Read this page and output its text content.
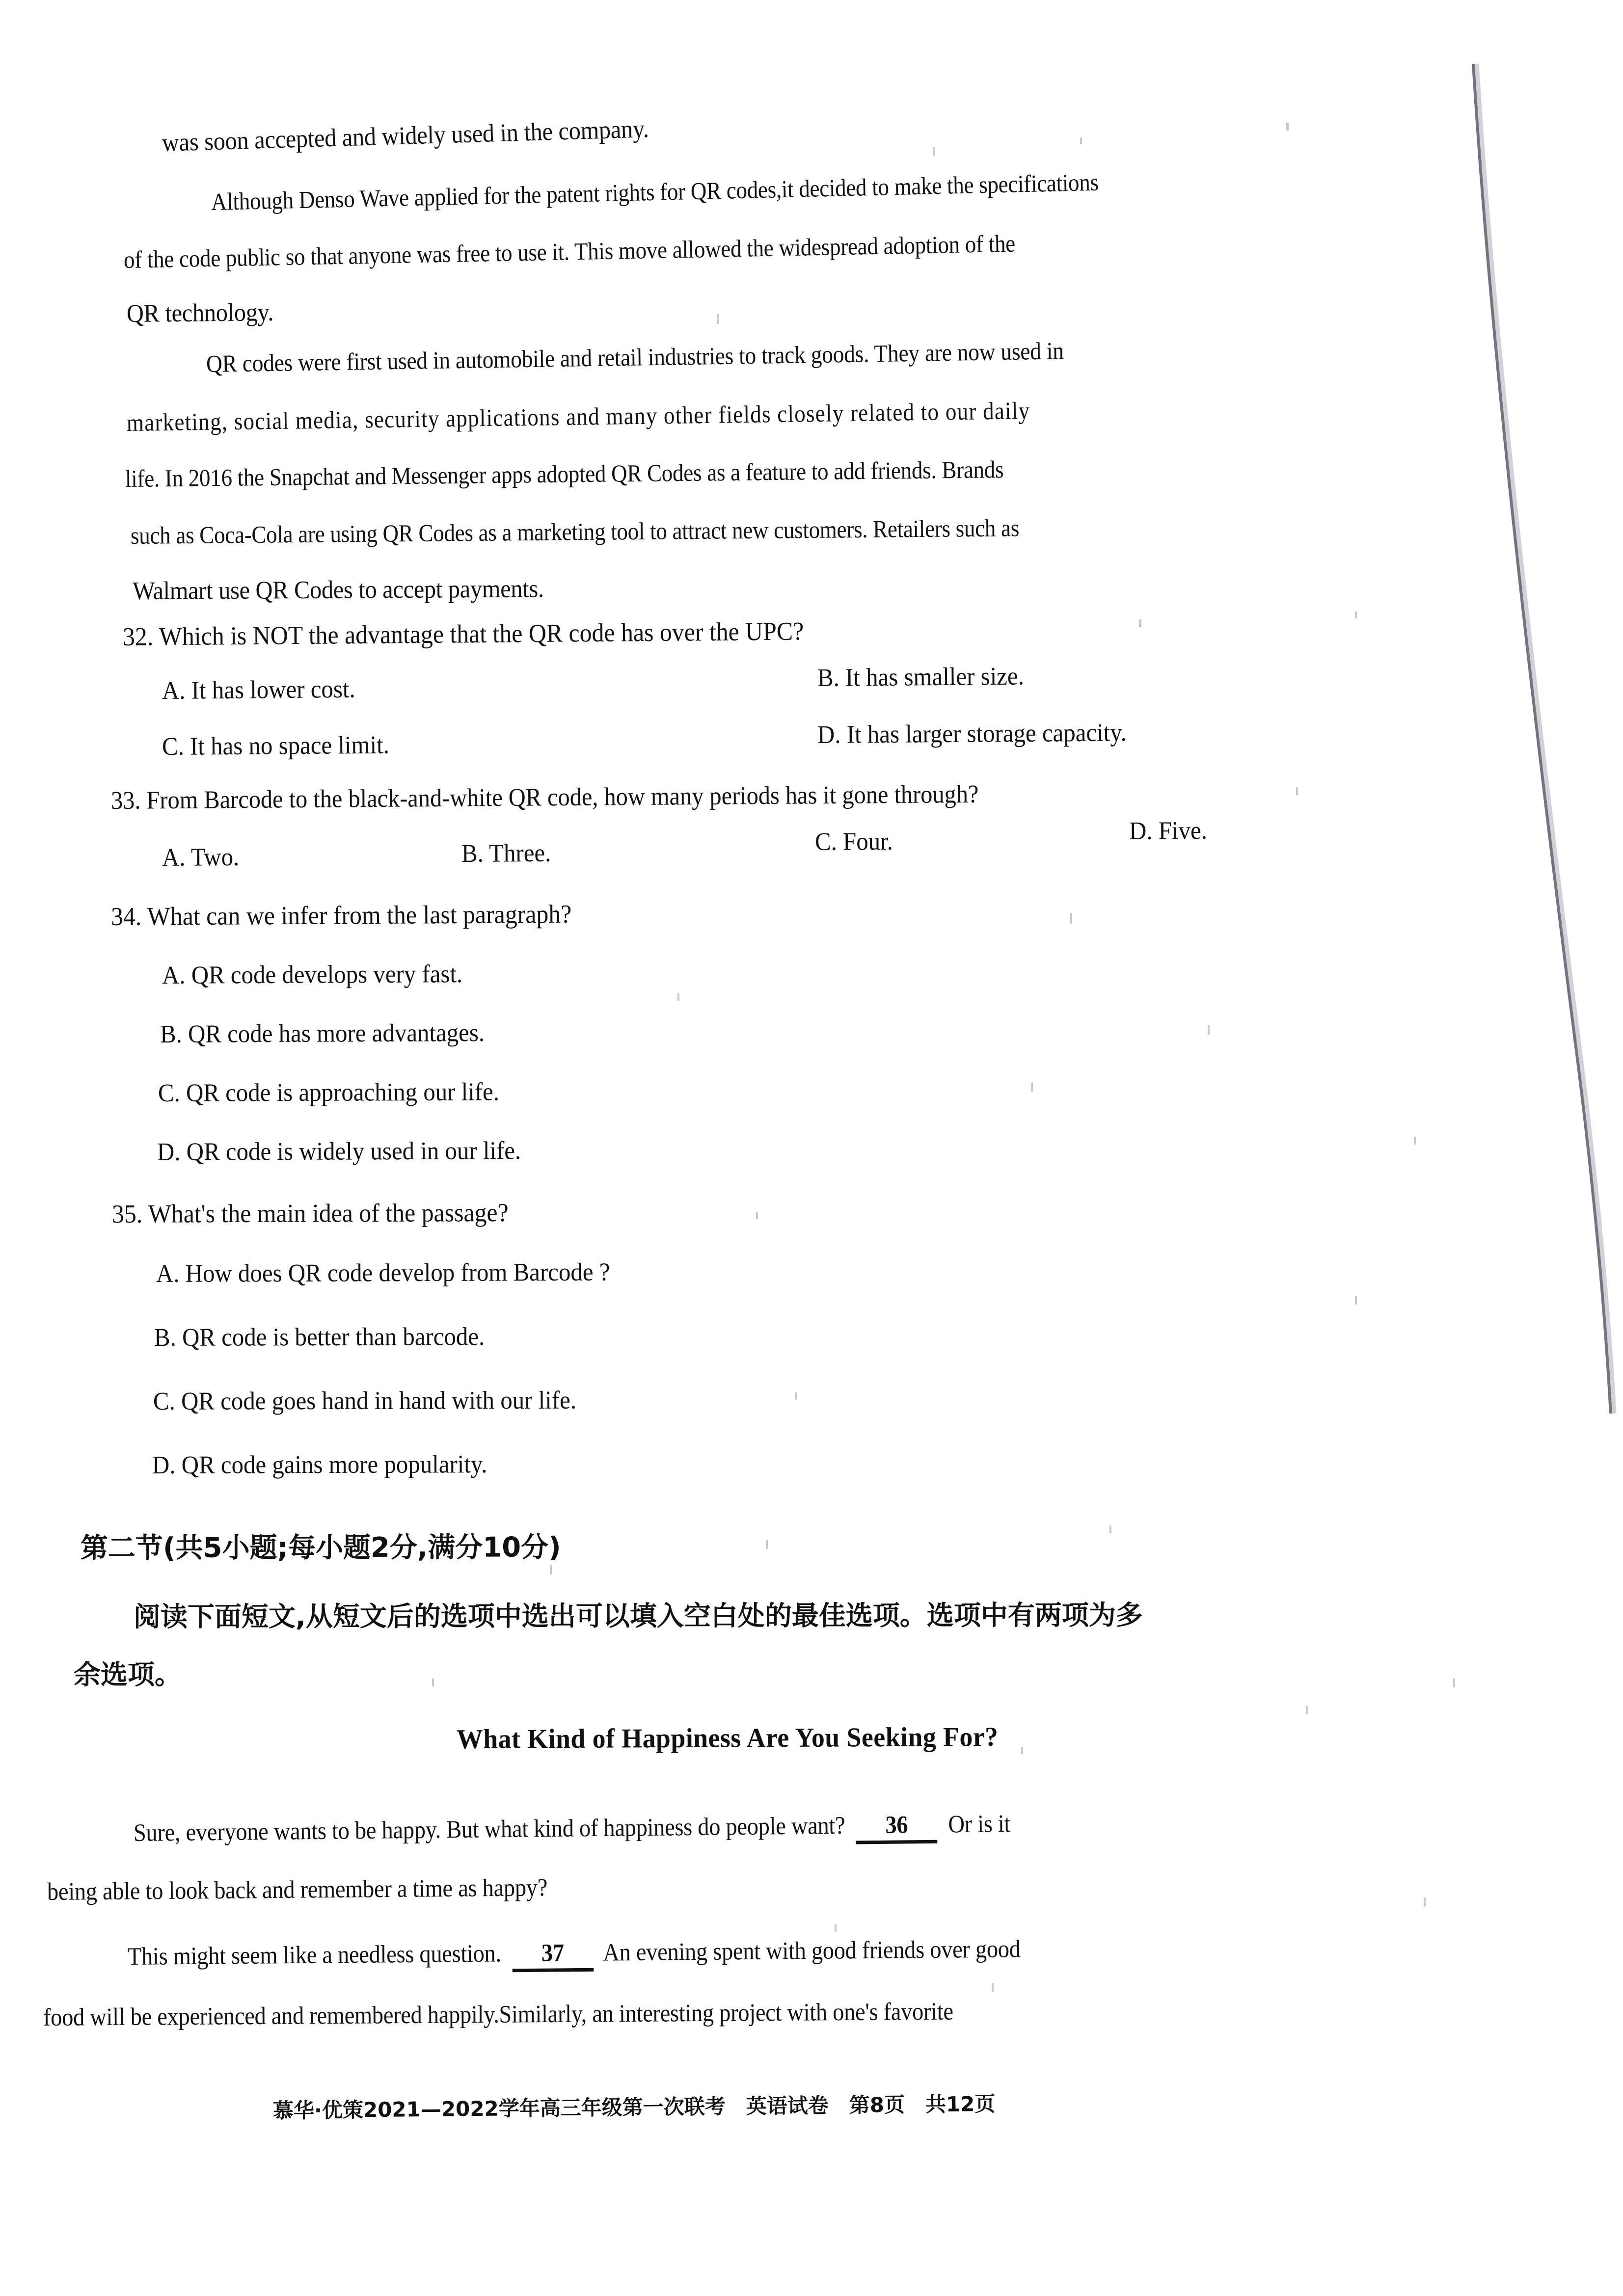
was soon accepted and widely used in the company.
Although Denso Wave applied for the patent rights for QR codes,it decided to make the specifications
of the code public so that anyone was free to use it. This move allowed the widespread adoption of the
QR technology.
QR codes were first used in automobile and retail industries to track goods. They are now used in
marketing, social media, security applications and many other fields closely related to our daily
life. In 2016 the Snapchat and Messenger apps adopted QR Codes as a feature to add friends. Brands
such as Coca-Cola are using QR Codes as a marketing tool to attract new customers. Retailers such as
Walmart use QR Codes to accept payments.
32. Which is NOT the advantage that the QR code has over the UPC?
A. It has lower cost.	B. It has smaller size.
C. It has no space limit.	D. It has larger storage capacity.
33. From Barcode to the black-and-white QR code, how many periods has it gone through?
A. Two.	B. Three.	C. Four.	D. Five.
34. What can we infer from the last paragraph?
A. QR code develops very fast.
B. QR code has more advantages.
C. QR code is approaching our life.
D. QR code is widely used in our life.
35. What's the main idea of the passage?
A. How does QR code develop from Barcode ?
B. QR code is better than barcode.
C. QR code goes hand in hand with our life.
D. QR code gains more popularity.
第二节(共5小题;每小题2分,满分10分)
阅读下面短文,从短文后的选项中选出可以填入空白处的最佳选项。选项中有两项为多
余选项。
What Kind of Happiness Are You Seeking For?
Sure, everyone wants to be happy. But what kind of happiness do people want? 36 Or is it
being able to look back and remember a time as happy?
This might seem like a needless question. 37 An evening spent with good friends over good
food will be experienced and remembered happily.Similarly, an interesting project with one's favorite
慕华·优策2021—2022学年高三年级第一次联考　英语试卷　第8页　共12页
